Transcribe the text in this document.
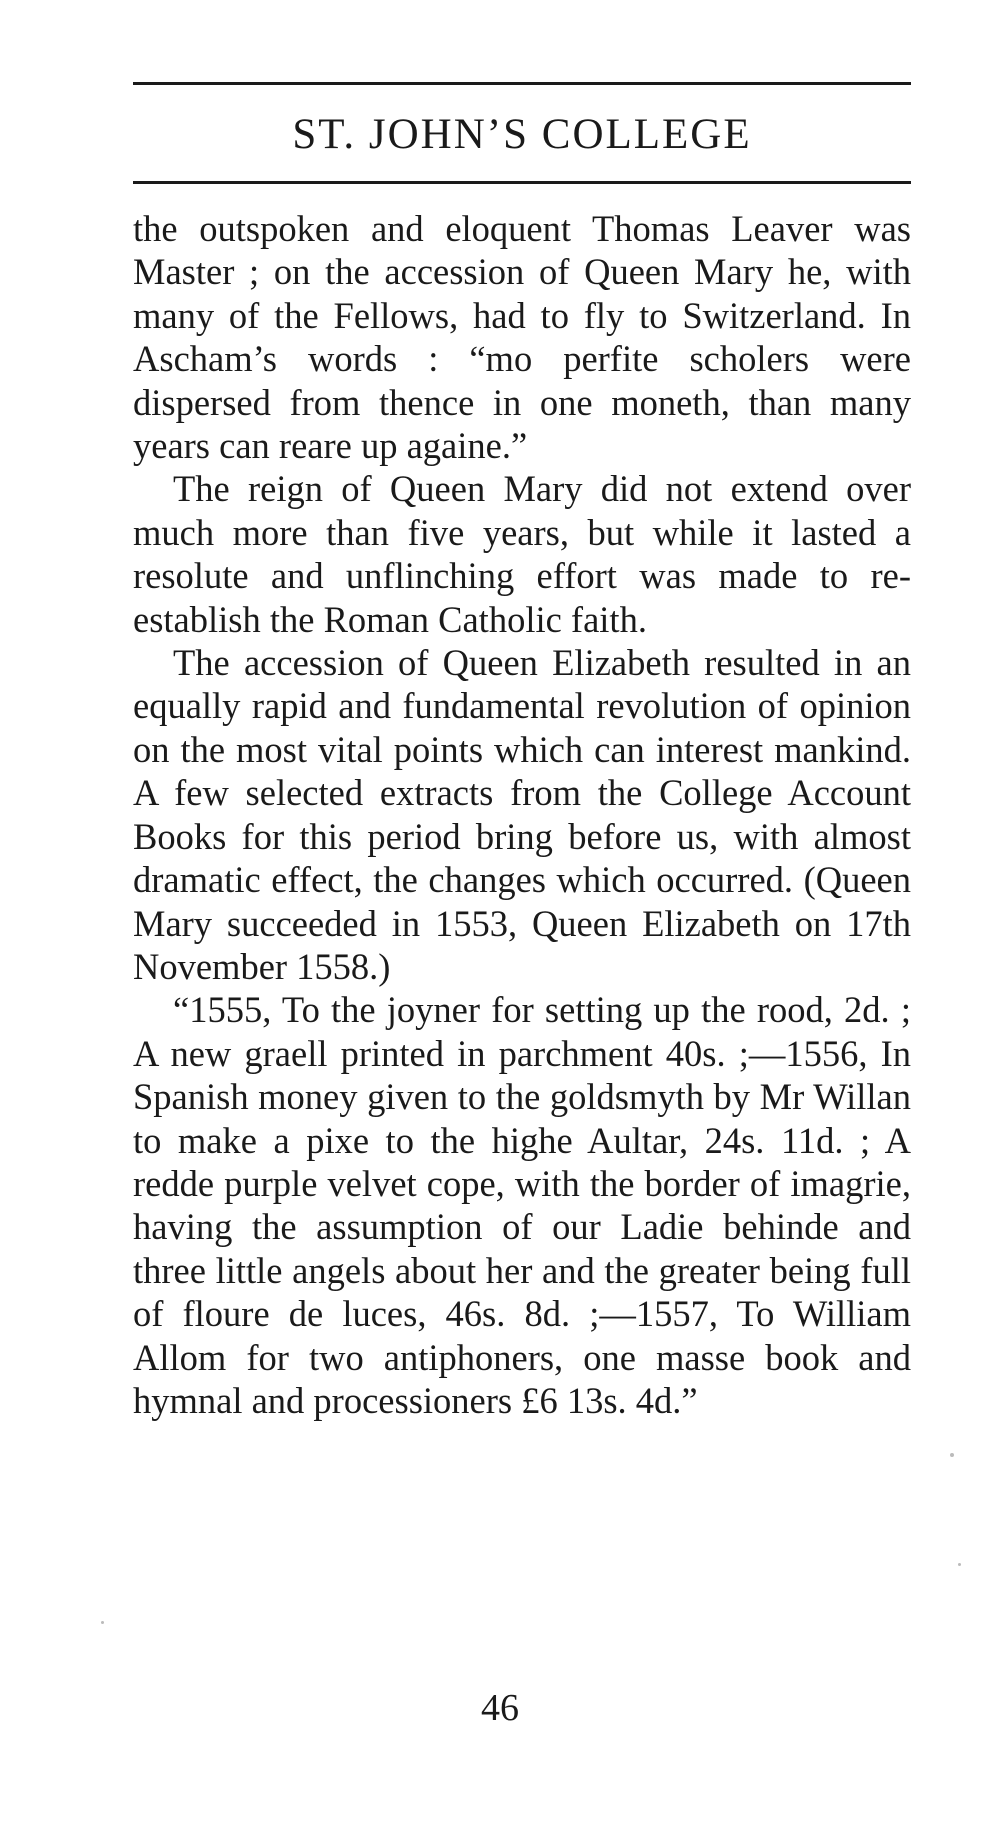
ST. JOHN’S COLLEGE

the outspoken and eloquent Thomas Leaver was Master ; on the accession of Queen Mary he, with many of the Fellows, had to fly to Switzerland. In Ascham’s words : “mo perfite scholers were dispersed from thence in one moneth, than many years can reare up againe.”

The reign of Queen Mary did not extend over much more than five years, but while it lasted a resolute and unflinching effort was made to re-establish the Roman Catholic faith.

The accession of Queen Elizabeth resulted in an equally rapid and fundamental revolution of opinion on the most vital points which can interest mankind. A few selected extracts from the College Account Books for this period bring before us, with almost dramatic effect, the changes which occurred. (Queen Mary succeeded in 1553, Queen Elizabeth on 17th November 1558.)

“1555, To the joyner for setting up the rood, 2d. ; A new graell printed in parchment 40s. ;—1556, In Spanish money given to the goldsmyth by Mr Willan to make a pixe to the highe Aultar, 24s. 11d. ; A redde purple velvet cope, with the border of imagrie, having the assumption of our Ladie behinde and three little angels about her and the greater being full of floure de luces, 46s. 8d. ;—1557, To William Allom for two antiphoners, one masse book and hymnal and processioners £6 13s. 4d.”

46
